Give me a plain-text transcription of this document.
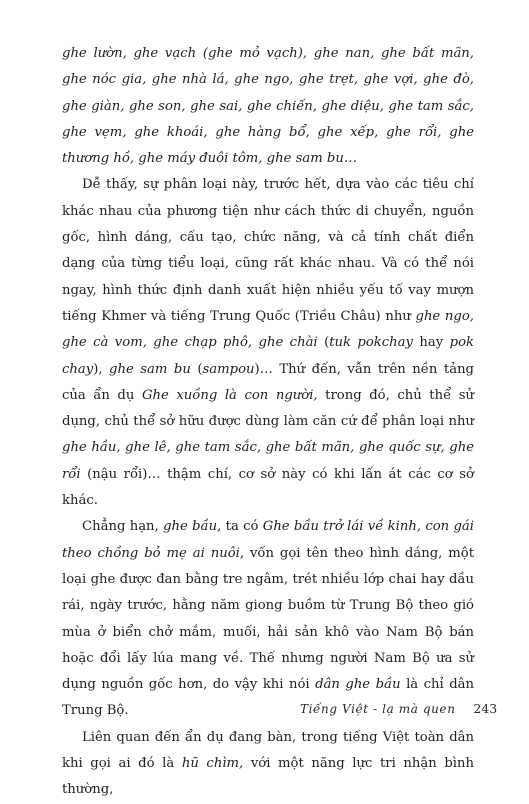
ghe lườn, ghe vạch (ghe mỏ vạch), ghe nan, ghe bất mãn, ghe nóc gia, ghe nhà lá, ghe ngo, ghe trẹt, ghe vợi, ghe đò, ghe giàn, ghe son, ghe sai, ghe chiến, ghe diệu, ghe tam sắc, ghe vẹm, ghe khoái, ghe hàng bổ, ghe xếp, ghe rổi, ghe thương hồ, ghe máy đuôi tôm, ghe sam bu…

Dễ thấy, sự phân loại này, trước hết, dựa vào các tiêu chí khác nhau của phương tiện như cách thức di chuyển, nguồn gốc, hình dáng, cấu tạo, chức năng, và cả tính chất điển dạng của từng tiểu loại, cũng rất khác nhau. Và có thể nói ngay, hình thức định danh xuất hiện nhiều yếu tố vay mượn tiếng Khmer và tiếng Trung Quốc (Triều Châu) như ghe ngo, ghe cà vom, ghe chạp phô, ghe chài (tuk pokchay hay pok chay), ghe sam bu (sampou)… Thứ đến, vẫn trên nền tảng của ẩn dụ Ghe xuồng là con người, trong đó, chủ thể sử dụng, chủ thể sở hữu được dùng làm căn cứ để phân loại như ghe hầu, ghe lê, ghe tam sắc, ghe bất mãn, ghe quốc sự, ghe rổi (nậu rổi)… thậm chí, cơ sở này có khi lấn át các cơ sở khác.

Chẳng hạn, ghe bầu, ta có Ghe bầu trở lái về kinh, con gái theo chồng bỏ mẹ ai nuôi, vốn gọi tên theo hình dáng, một loại ghe được đan bằng tre ngâm, trét nhiều lớp chai hay dầu rái, ngày trước, hằng năm giong buồm từ Trung Bộ theo gió mùa ở biển chở mắm, muối, hải sản khô vào Nam Bộ bán hoặc đổi lấy lúa mang về. Thế nhưng người Nam Bộ ưa sử dụng nguồn gốc hơn, do vậy khi nói dân ghe bầu là chỉ dân Trung Bộ.

Liên quan đến ẩn dụ đang bàn, trong tiếng Việt toàn dân khi gọi ai đó là hũ chìm, với một năng lực tri nhận bình thường,

Tiếng Việt - lạ mà quen 243
